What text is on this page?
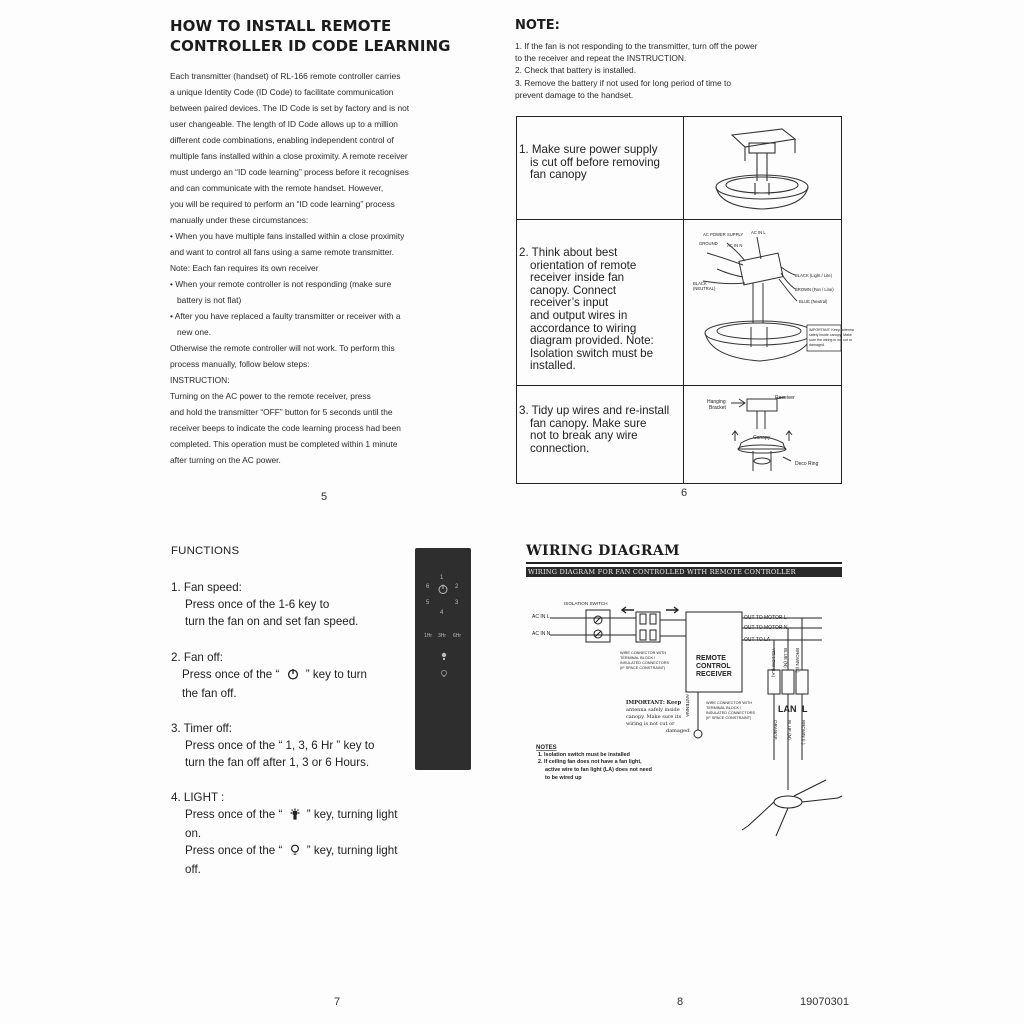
HOW TO INSTALL REMOTE
CONTROLLER ID CODE LEARNING
Each transmitter (handset) of RL-166 remote controller carries
a unique Identity Code (ID Code) to facilitate communication
between paired devices. The ID Code is set by factory and is not
user changeable. The length of ID Code allows up to a million
different code combinations, enabling independent control of
multiple fans installed within a close proximity. A remote receiver
must undergo an “ID code learning” process before it recognises
and can communicate with the remote handset. However,
you will be required to perform an “ID code learning” process
manually under these circumstances:
• When you have multiple fans installed within a close proximity
and want to control all fans using a same remote transmitter.
Note: Each fan requires its own receiver
• When your remote controller is not responding (make sure
battery is not flat)
• After you have replaced a faulty transmitter or receiver with a
new one.
Otherwise the remote controller will not work. To perform this
process manually, follow below steps:
INSTRUCTION:
Turning on the AC power to the remote receiver, press
and hold the transmitter “OFF” button for 5 seconds until the
receiver beeps to indicate the code learning process had been
completed. This operation must be completed within 1 minute
after turning on the AC power.
5
NOTE:
1. If the fan is not responding to the transmitter, turn off the power
to the receiver and repeat the INSTRUCTION.
2. Check that battery is installed.
3. Remove the battery if not used for long period of time to
prevent damage to the handset.
1. Make sure power supply
is cut off before removing
fan canopy
2. Think about best
orientation of remote
receiver inside fan
canopy. Connect
receiver’s input
and output wires in
accordance to wiring
diagram provided. Note:
Isolation switch must be
installed.
3. Tidy up wires and re-install
fan canopy. Make sure
not to break any wire
connection.
AC POWER SUPPLY AC IN L
GROUND AC IN N
BLACK
(NEUTRAL)
BLACK (Light / Lite)
BROWN (Fan / Line)
BLUE (Neutral)
IMPORTANT: Keep antenna
safely inside canopy. Make
sure the wiring is not cut or
damaged.
Hanging
Bracket
Receiver
Canopy
Deco Ring
6
FUNCTIONS
1. Fan speed:
Press once of the 1-6 key to
turn the fan on and set fan speed.
2. Fan off:
Press once of the “ ” key to turn
the fan off.
3. Timer off:
Press once of the “ 1, 3, 6 Hr ” key to
turn the fan off after 1, 3 or 6 Hours.
4. LIGHT :
Press once of the “ ” key, turning light on.
Press once of the “ ” key, turning light off.
1
6	2
5	3
4
1Hr 3Hr 6Hr
WIRING DIAGRAM
WIRING DIAGRAM FOR FAN CONTROLLED WITH REMOTE CONTROLLER
ISOLATION SWITCH
AC IN L
AC IN N
OUT TO MOTOR L
OUT TO MOTOR N
OUT TO LA
WIRE CONNECTOR WITH
TERMINAL BLOCK /
INSULATED CONNECTORS
(IF SPACE CONSTRAINT)
REMOTE
CONTROL
RECEIVER
IMPORTANT: Keep
antenna safely inside
canopy. Make sure its
wiring is not cut or
damaged.
WIRE CONNECTOR WITH
TERMINAL BLOCK /
INSULATED CONNECTORS
(IF SPACE CONSTRAINT)
NOTES
1. Isolation switch must be installed
2. If ceiling fan does not have a fan light,
active wire to fan light (LA) does not need
to be wired up
LA N L
ANTENNA
YELLOW (LA) BLUE (N) BROWN (L)
ORANGE BLUE (N) BROWN (L)
7	8	19070301
